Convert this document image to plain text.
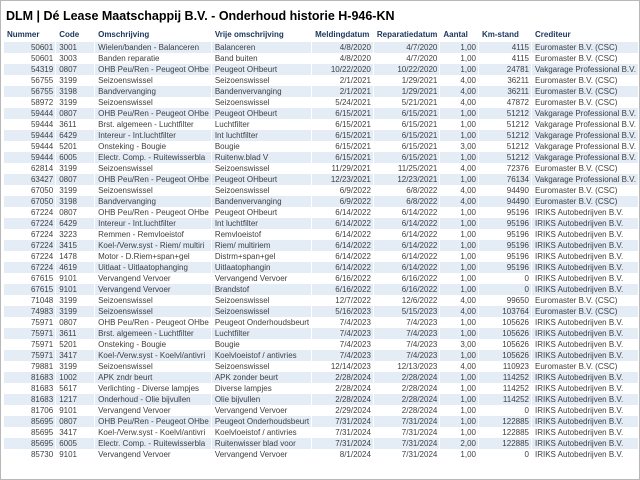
DLM | Dé Lease Maatschappij B.V. - Onderhoud historie H-946-KN
Nummer	Code	Omschrijving	Vrije omschrijving	Meldingdatum	Reparatiedatum	Aantal	Km-stand	Crediteur
50601	3001	Wielen/banden - Balanceren	Balanceren	4/8/2020	4/7/2020	1,00	4115	Euromaster B.V. (CSC)
50601	3003	Banden reparatie	Band buiten	4/8/2020	4/7/2020	1,00	4115	Euromaster B.V. (CSC)
54319	0807	OHB Peu/Ren - Peugeot OHbe	Peugeot OHbeurt	10/22/2020	10/22/2020	1,00	24781	Vakgarage Professional B.V.
56755	3199	Seizoenswissel	Seizoenswissel	2/1/2021	1/29/2021	4,00	36211	Euromaster B.V. (CSC)
56755	3198	Bandvervanging	Bandenvervanging	2/1/2021	1/29/2021	4,00	36211	Euromaster B.V. (CSC)
58972	3199	Seizoenswissel	Seizoenswissel	5/24/2021	5/21/2021	4,00	47872	Euromaster B.V. (CSC)
59444	0807	OHB Peu/Ren - Peugeot OHbe	Peugeot OHbeurt	6/15/2021	6/15/2021	1,00	51212	Vakgarage Professional B.V.
59444	3611	Brst. algemeen - Luchtfilter	Luchtfilter	6/15/2021	6/15/2021	1,00	51212	Vakgarage Professional B.V.
59444	6429	Intereur - Int.luchtfilter	Int luchtfilter	6/15/2021	6/15/2021	1,00	51212	Vakgarage Professional B.V.
59444	5201	Onsteking - Bougie	Bougie	6/15/2021	6/15/2021	3,00	51212	Vakgarage Professional B.V.
59444	6005	Electr. Comp. - Ruitewisserbla	Ruitenw.blad V	6/15/2021	6/15/2021	1,00	51212	Vakgarage Professional B.V.
62814	3199	Seizoenswissel	Seizoenswissel	11/29/2021	11/25/2021	4,00	72376	Euromaster B.V. (CSC)
63427	0807	OHB Peu/Ren - Peugeot OHbe	Peugeot OHbeurt	12/23/2021	12/23/2021	1,00	76134	Vakgarage Professional B.V.
67050	3199	Seizoenswissel	Seizoenswissel	6/9/2022	6/8/2022	4,00	94490	Euromaster B.V. (CSC)
67050	3198	Bandvervanging	Bandenvervanging	6/9/2022	6/8/2022	4,00	94490	Euromaster B.V. (CSC)
67224	0807	OHB Peu/Ren - Peugeot OHbe	Peugeot OHbeurt	6/14/2022	6/14/2022	1,00	95196	IRIKS Autobedrijven B.V.
67224	6429	Intereur - Int.luchtfilter	Int luchtfilter	6/14/2022	6/14/2022	1,00	95196	IRIKS Autobedrijven B.V.
67224	3223	Remmen - Remvloeistof	Remvloeistof	6/14/2022	6/14/2022	1,00	95196	IRIKS Autobedrijven B.V.
67224	3415	Koel-/Verw.syst - Riem/ multiri	Riem/ multiriem	6/14/2022	6/14/2022	1,00	95196	IRIKS Autobedrijven B.V.
67224	1478	Motor - D.Riem+span+gel	Distrm+span+gel	6/14/2022	6/14/2022	1,00	95196	IRIKS Autobedrijven B.V.
67224	4619	Uitlaat - Uitlaatophanging	Uitlaatophangin	6/14/2022	6/14/2022	1,00	95196	IRIKS Autobedrijven B.V.
67615	9101	Vervangend Vervoer	Vervangend Vervoer	6/16/2022	6/16/2022	1,00	0	IRIKS Autobedrijven B.V.
67615	9101	Vervangend Vervoer	Brandstof	6/16/2022	6/16/2022	1,00	0	IRIKS Autobedrijven B.V.
71048	3199	Seizoenswissel	Seizoenswissel	12/7/2022	12/6/2022	4,00	99650	Euromaster B.V. (CSC)
74983	3199	Seizoenswissel	Seizoenswissel	5/16/2023	5/15/2023	4,00	103764	Euromaster B.V. (CSC)
75971	0807	OHB Peu/Ren - Peugeot OHbe	Peugeot Onderhoudsbeurt	7/4/2023	7/4/2023	1,00	105626	IRIKS Autobedrijven B.V.
75971	3611	Brst. algemeen - Luchtfilter	Luchtfilter	7/4/2023	7/4/2023	1,00	105626	IRIKS Autobedrijven B.V.
75971	5201	Onsteking - Bougie	Bougie	7/4/2023	7/4/2023	3,00	105626	IRIKS Autobedrijven B.V.
75971	3417	Koel-/Verw.syst - Koelvl/antivri	Koelvloeistof / antivries	7/4/2023	7/4/2023	1,00	105626	IRIKS Autobedrijven B.V.
79881	3199	Seizoenswissel	Seizoenswissel	12/14/2023	12/13/2023	4,00	110923	Euromaster B.V. (CSC)
81683	1002	APK zndr beurt	APK zonder beurt	2/28/2024	2/28/2024	1,00	114252	IRIKS Autobedrijven B.V.
81683	5617	Verlichting - Diverse lampjes	Diverse lampjes	2/28/2024	2/28/2024	1,00	114252	IRIKS Autobedrijven B.V.
81683	1217	Onderhoud - Olie bijvullen	Olie bijvullen	2/28/2024	2/28/2024	1,00	114252	IRIKS Autobedrijven B.V.
81706	9101	Vervangend Vervoer	Vervangend Vervoer	2/29/2024	2/28/2024	1,00	0	IRIKS Autobedrijven B.V.
85695	0807	OHB Peu/Ren - Peugeot OHbe	Peugeot Onderhoudsbeurt	7/31/2024	7/31/2024	1,00	122885	IRIKS Autobedrijven B.V.
85695	3417	Koel-/Verw.syst - Koelvl/antivri	Koelvloeistof / antivries	7/31/2024	7/31/2024	1,00	122885	IRIKS Autobedrijven B.V.
85695	6005	Electr. Comp. - Ruitewisserbla	Ruitenwisser blad voor	7/31/2024	7/31/2024	2,00	122885	IRIKS Autobedrijven B.V.
85730	9101	Vervangend Vervoer	Vervangend Vervoer	8/1/2024	7/31/2024	1,00	0	IRIKS Autobedrijven B.V.
